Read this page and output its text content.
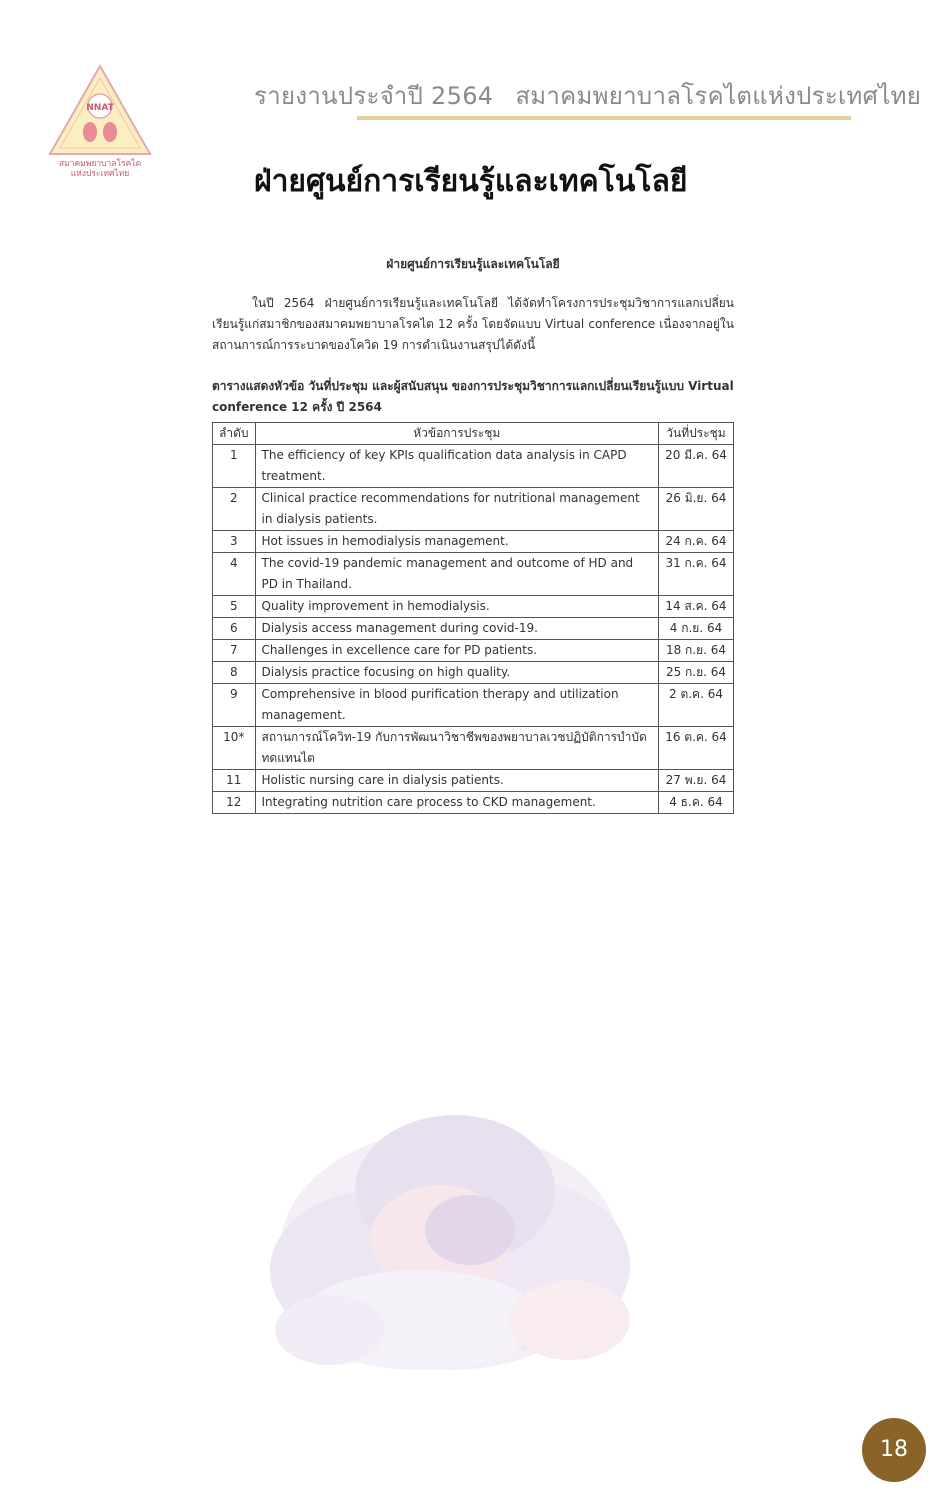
NNAT
สมาคมพยาบาลโรคไต
แห่งประเทศไทย
รายงานประจำปี 2564 สมาคมพยาบาลโรคไตแห่งประเทศไทย
ฝ่ายศูนย์การเรียนรู้และเทคโนโลยี

ฝ่ายศูนย์การเรียนรู้และเทคโนโลยี

ในปี 2564 ฝ่ายศูนย์การเรียนรู้และเทคโนโลยี ได้จัดทำโครงการประชุมวิชาการแลกเปลี่ยนเรียนรู้แก่สมาชิกของสมาคมพยาบาลโรคไต 12 ครั้ง โดยจัดแบบ Virtual conference เนื่องจากอยู่ในสถานการณ์การระบาดของโควิด 19 การดำเนินงานสรุปได้ดังนี้

ตารางแสดงหัวข้อ วันที่ประชุม และผู้สนับสนุน ของการประชุมวิชาการแลกเปลี่ยนเรียนรู้แบบ Virtual conference 12 ครั้ง ปี 2564

ลำดับ	หัวข้อการประชุม	วันที่ประชุม
1	The efficiency of key KPIs qualification data analysis in CAPD treatment.	20 มี.ค. 64
2	Clinical practice recommendations for nutritional management in dialysis patients.	26 มิ.ย. 64
3	Hot issues in hemodialysis management.	24 ก.ค. 64
4	The covid-19 pandemic management and outcome of HD and PD in Thailand.	31 ก.ค. 64
5	Quality improvement in hemodialysis.	14 ส.ค. 64
6	Dialysis access management during covid-19.	4 ก.ย. 64
7	Challenges in excellence care for PD patients.	18 ก.ย. 64
8	Dialysis practice focusing on high quality.	25 ก.ย. 64
9	Comprehensive in blood purification therapy and utilization management.	2 ต.ค. 64
10*	สถานการณ์โควิท-19 กับการพัฒนาวิชาชีพของพยาบาลเวชปฏิบัติการบำบัดทดแทนไต	16 ต.ค. 64
11	Holistic nursing care in dialysis patients.	27 พ.ย. 64
12	Integrating nutrition care process to CKD management.	4 ธ.ค. 64
18
